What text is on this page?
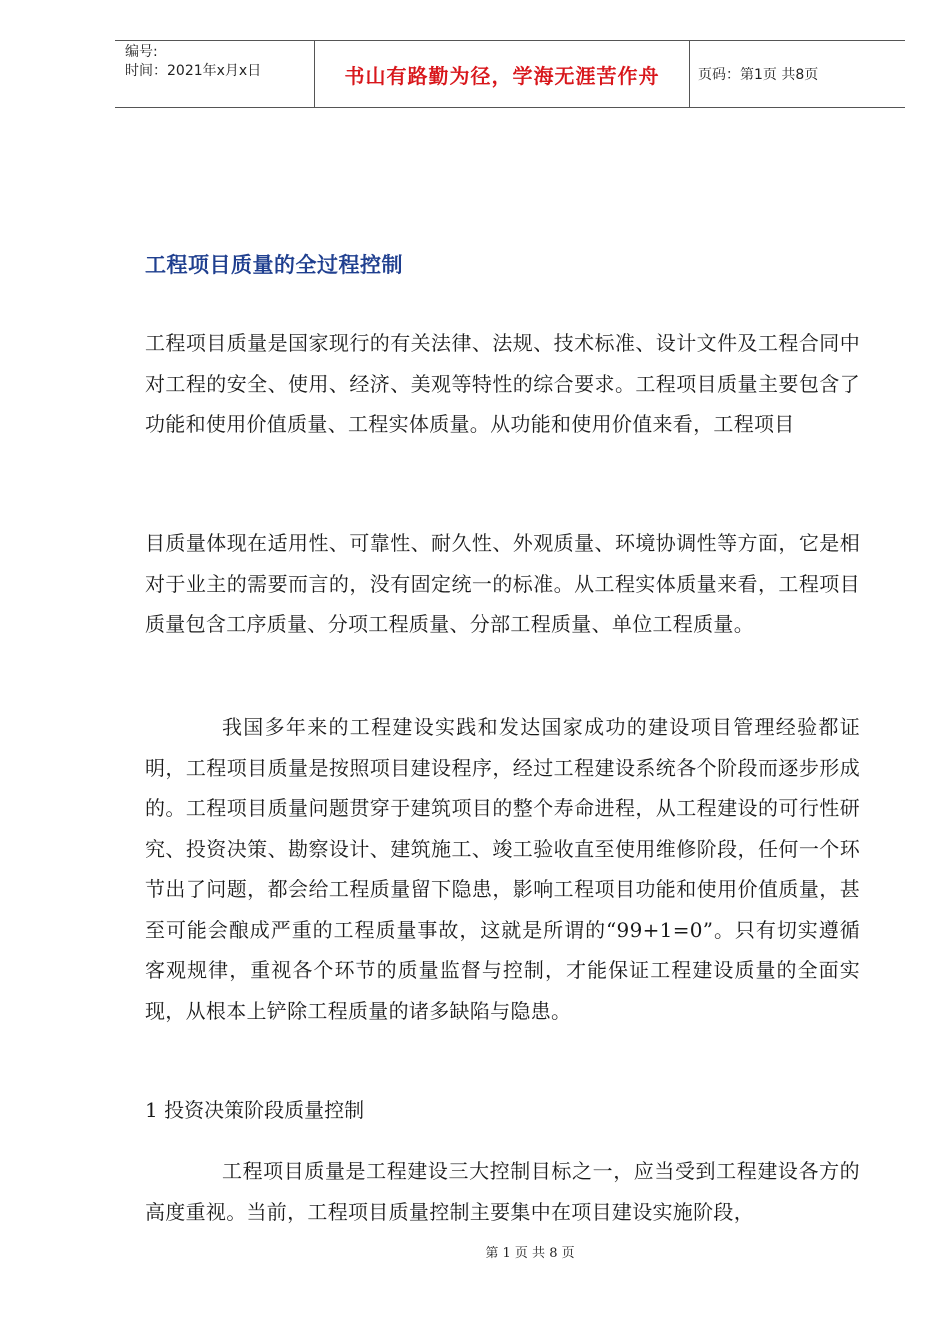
编号:
时间：2021年x月x日	书山有路勤为径，学海无涯苦作舟	页码：第1页 共8页
工程项目质量的全过程控制

工程项目质量是国家现行的有关法律、法规、技术标准、设计文件及工程合同中对工程的安全、使用、经济、美观等特性的综合要求。工程项目质量主要包含了功能和使用价值质量、工程实体质量。从功能和使用价值来看，工程项目

目质量体现在适用性、可靠性、耐久性、外观质量、环境协调性等方面，它是相对于业主的需要而言的，没有固定统一的标准。从工程实体质量来看，工程项目质量包含工序质量、分项工程质量、分部工程质量、单位工程质量。

我国多年来的工程建设实践和发达国家成功的建设项目管理经验都证明，工程项目质量是按照项目建设程序，经过工程建设系统各个阶段而逐步形成的。工程项目质量问题贯穿于建筑项目的整个寿命进程，从工程建设的可行性研究、投资决策、勘察设计、建筑施工、竣工验收直至使用维修阶段，任何一个环节出了问题，都会给工程质量留下隐患，影响工程项目功能和使用价值质量，甚至可能会酿成严重的工程质量事故，这就是所谓的“99+1=0”。只有切实遵循客观规律，重视各个环节的质量监督与控制，才能保证工程建设质量的全面实现，从根本上铲除工程质量的诸多缺陷与隐患。

1 投资决策阶段质量控制

工程项目质量是工程建设三大控制目标之一，应当受到工程建设各方的高度重视。当前，工程项目质量控制主要集中在项目建设实施阶段，

第 1 页 共 8 页
